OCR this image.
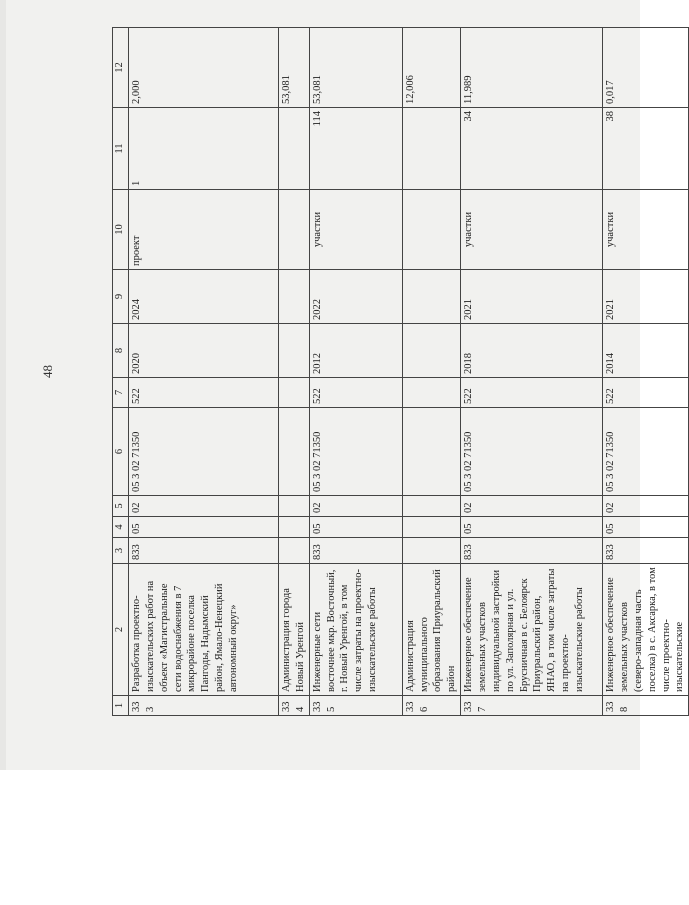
48
1	2	3	4	5	6	7	8	9	10	11	12
333	Разработка проектно-изыскательских работ на объект «Магистральные сети водоснабжения в 7 микрорайоне поселка Пангоды, Надымский район, Ямало-Ненецкий автономный округ»	833	05	02	05 3 02 71350	522	2020	2024	проект	1	2,000
334	Администрация города Новый Уренгой										53,081
335	Инженерные сети восточнее мкр. Восточный, г. Новый Уренгой, в том числе затраты на проектно-изыскательские работы	833	05	02	05 3 02 71350	522	2012	2022	участки	114	53,081
336	Администрация муниципального образования Приуральский район										12,006
337	Инженерное обеспечение земельных участков индивидуальной застройки по ул. Заполярная и ул. Брусничная в с. Белоярск Приуральский район, ЯНАО, в том числе затраты на проектно-изыскательские работы	833	05	02	05 3 02 71350	522	2018	2021	участки	34	11,989
338	Инженерное обеспечение земельных участков (северо-западная часть поселка) в с. Аксарка, в том числе проектно-изыскательские	833	05	02	05 3 02 71350	522	2014	2021	участки	38	0,017
